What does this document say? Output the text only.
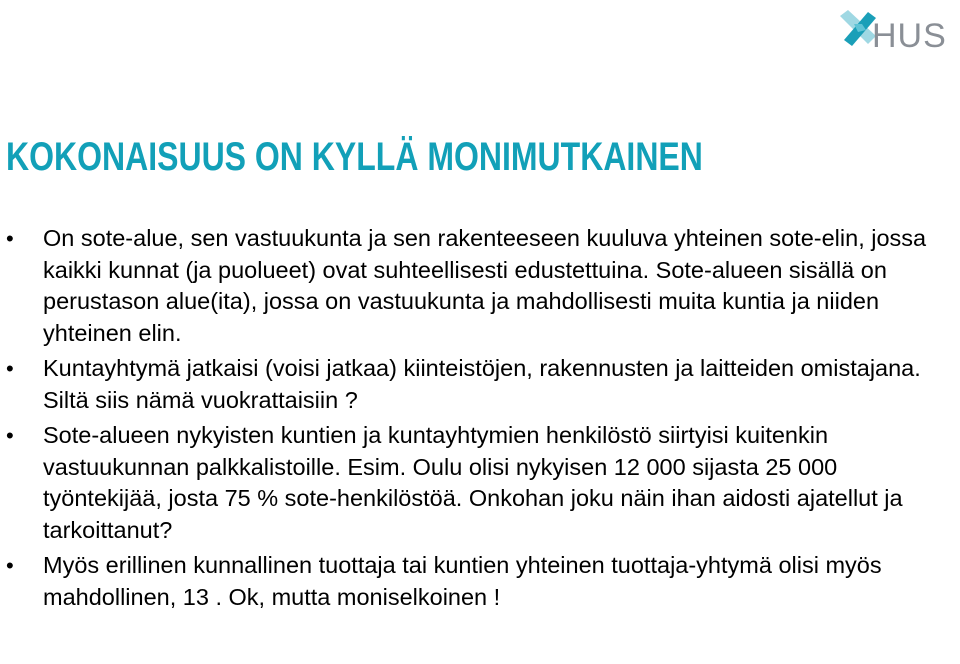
HUS
KOKONAISUUS ON KYLLÄ MONIMUTKAINEN
• On sote-alue, sen vastuukunta ja sen rakenteeseen kuuluva yhteinen sote-elin, jossa kaikki kunnat (ja puolueet) ovat suhteellisesti edustettuina. Sote-alueen sisällä on perustason alue(ita), jossa on vastuukunta ja mahdollisesti muita kuntia ja niiden yhteinen elin.
• Kuntayhtymä jatkaisi (voisi jatkaa) kiinteistöjen, rakennusten ja laitteiden omistajana. Siltä siis nämä vuokrattaisiin ?
• Sote-alueen nykyisten kuntien ja kuntayhtymien henkilöstö siirtyisi kuitenkin vastuukunnan palkkalistoille. Esim. Oulu olisi nykyisen 12 000 sijasta 25 000 työntekijää, josta 75 % sote-henkilöstöä. Onkohan joku näin ihan aidosti ajatellut ja tarkoittanut?
• Myös erillinen kunnallinen tuottaja tai kuntien yhteinen tuottaja-yhtymä olisi myös mahdollinen, 13 . Ok, mutta moniselkoinen !
